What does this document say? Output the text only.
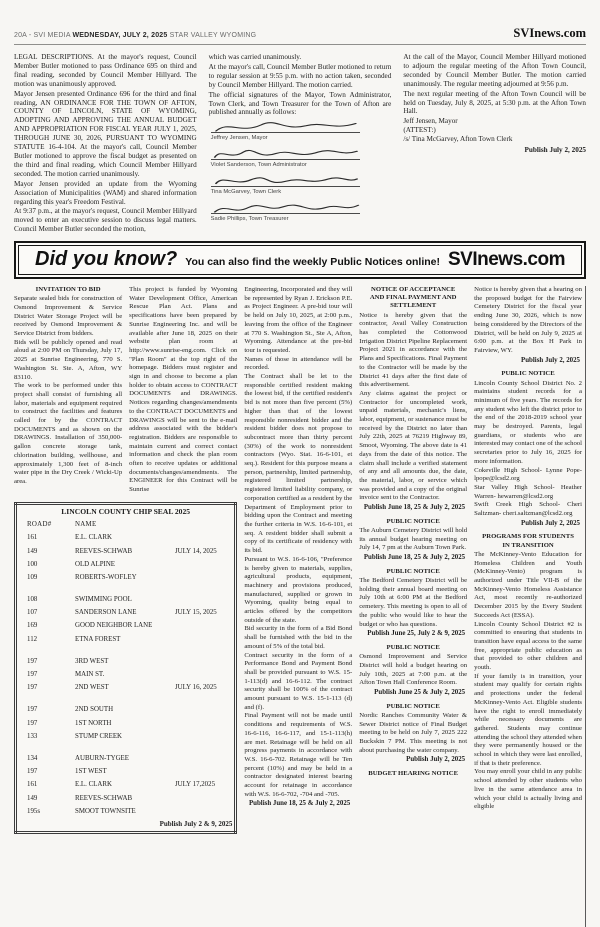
20A - SVI MEDIA WEDNESDAY, JULY 2, 2025 STAR VALLEY WYOMING	SVInews.com

LEGAL DESCRIPTIONS. At the mayor's request, Council Member Butler motioned to pass Ordinance 695 on third and final reading, seconded by Council Member Hillyard. The motion was unanimously approved.

Mayor Jensen presented Ordinance 696 for the third and final reading, AN ORDINANCE FOR THE TOWN OF AFTON, COUNTY OF LINCOLN, STATE OF WYOMING, ADOPTING AND APPROVING THE ANNUAL BUDGET AND APPROPRIATION FOR FISCAL YEAR JULY 1, 2025, THROUGH JUNE 30, 2026, PURSUANT TO WYOMING STATUTE 16-4-104. At the mayor's call, Council Member Butler motioned to approve the fiscal budget as presented on the third and final reading, which Council Member Hillyard seconded. The motion carried unanimously.

Mayor Jensen provided an update from the Wyoming Association of Municipalities (WAM) and shared information regarding this year's Freedom Festival.

At 9:37 p.m., at the mayor's request, Council Member Hillyard moved to enter an executive session to discuss legal matters. Council Member Butler seconded the motion,

which was carried unanimously.

At the mayor's call, Council Member Butler motioned to return to regular session at 9:55 p.m. with no action taken, seconded by Council Member Hillyard. The motion carried.

The official signatures of the Mayor, Town Administrator, Town Clerk, and Town Treasurer for the Town of Afton are published annually as follows:

Jeffrey Jensen, Mayor
Violet Sanderson, Town Administrator
Tina McGarvey, Town Clerk
Sadie Phillips, Town Treasurer

At the call of the Mayor, Council Member Hillyard motioned to adjourn the regular meeting of the Afton Town Council, seconded by Council Member Butler. The motion carried unanimously. The regular meeting adjourned at 9:56 p.m.

The next regular meeting of the Afton Town Council will be held on Tuesday, July 8, 2025, at 5:30 p.m. at the Afton Town Hall.

Jeff Jensen, Mayor

(ATTEST:)

/s/ Tina McGarvey, Afton Town Clerk

Publish July 2, 2025
Did you know? You can also find the weekly Public Notices online! SVInews.com
INVITATION TO BID

Separate sealed bids for construction of Osmond Improvement & Service District Water Storage Project will be received by Osmond Improvement & Service District from bidders.

Bids will be publicly opened and read aloud at 2:00 PM on Thursday, July 17, 2025 at Sunrise Engineering, 770 S. Washington St. Ste. A, Afton, WY 83110.

The work to be performed under this project shall consist of furnishing all labor, materials and equipment required to construct the facilities and features called for by the CONTRACT DOCUMENTS and as shown on the DRAWINGS. Installation of 350,000-gallon concrete storage tank, chlorination building, wellhouse, and approximately 1,300 feet of 8-inch water pipe in the Dry Creek / Wicki-Up area.

This project is funded by Wyoming Water Development Office, American Rescue Plan Act. Plans and specifications have been prepared by Sunrise Engineering Inc. and will be available after June 18, 2025 on their website plan room at http://www.sunrise-eng.com. Click on "Plan Room" at the top right of the homepage. Bidders must register and sign in and choose to become a plan holder to obtain access to CONTRACT DOCUMENTS and DRAWINGS. Notices regarding changes/amendments to the CONTRACT DOCUMENTS and DRAWINGS will be sent to the e-mail address associated with the bidder's registration. Bidders are responsible to maintain current and correct contact information and check the plan room often to receive updates or additional documents/changes/amendments. The ENGINEER for this Contract will be Sunrise

LINCOLN COUNTY CHIP SEAL 2025		
ROAD#	NAME	
161	E.L. CLARK	
149	REEVES-SCHWAB	JULY 14, 2025
100	OLD ALPINE	
109	ROBERTS-WOFLEY	

108	SWIMMING POOL	
107	SANDERSON LANE	JULY 15, 2025
169	GOOD NEIGHBOR LANE	
112	ETNA FOREST	

197	3RD WEST	
197	MAIN ST.	
197	2ND WEST	JULY 16, 2025

197	2ND SOUTH	
197	1ST NORTH	
133	STUMP CREEK	

134	AUBURN-TYGEE	
197	1ST WEST	
161	E.L. CLARK	JULY 17,2025
149	REEVES-SCHWAB	
195s	SMOOT TOWNSITE	
Publish July 2 & 9, 2025		

Engineering, Incorporated and they will be represented by Ryan J. Erickson P.E. as Project Engineer. A pre-bid tour will be held on July 10, 2025, at 2:00 p.m., leaving from the office of the Engineer at 770 S. Washington St., Ste A, Afton, Wyoming. Attendance at the pre-bid tour is requested.

Names of those in attendance will be recorded.

The Contract shall be let to the responsible certified resident making the lowest bid, if the certified resident's bid is not more than five percent (5%) higher than that of the lowest responsible nonresident bidder and the resident bidder does not propose to subcontract more than thirty percent (30%) of the work to nonresident contractors (Wyo. Stat. 16-6-101, et seq.). Resident for this purpose means a person, partnership, limited partnership, registered limited partnership, registered limited liability company, or corporation certified as a resident by the Department of Employment prior to bidding upon the Contract and meeting the further criteria in W.S. 16-6-101, et seq. A resident bidder shall submit a copy of its certificate of residency with its bid.

Pursuant to W.S. 16-6-106, "Preference is hereby given to materials, supplies, agricultural products, equipment, machinery and provisions produced, manufactured, supplied or grown in Wyoming, quality being equal to articles offered by the competitors outside of the state.

Bid security in the form of a Bid Bond shall be furnished with the bid in the amount of 5% of the total bid.

Contract security in the form of a Performance Bond and Payment Bond shall be provided pursuant to W.S. 15-1-113(d) and 16-6-112. The contract security shall be 100% of the contract amount pursuant to W.S. 15-1-113 (d) and (f).

Final Payment will not be made until conditions and requirements of W.S. 16-6-116, 16-6-117, and 15-1-113(h) are met. Retainage will be held on all progress payments in accordance with W.S. 16-6-702. Retainage will be Ten percent (10%) and may be held in a contractor designated interest bearing account for retainage in accordance with W.S. 16-6-702, -704 and -705.

Publish June 18, 25 & July 2, 2025
NOTICE OF ACCEPTANCE AND FINAL PAYMENT AND SETTLEMENT

Notice is hereby given that the contractor, Avail Valley Construction has completed the Cottonwood Irrigation District Pipeline Replacement Project 2021 in accordance with the Plans and Specifications. Final Payment to the Contractor will be made by the District 41 days after the first date of this advertisement.

Any claims against the project or Contractor for uncompleted work, unpaid materials, mechanic's liens, labor, equipment, or sustenance must be received by the District no later than July 22th, 2025 at 76219 Highway 89, Smoot, Wyoming. The above date is 41 days from the date of this notice. The claim shall include a verified statement of any and all amounts due, the date, the material, labor, or service which was provided and a copy of the original invoice sent to the Contractor.

Publish June 18, 25 & July 2, 2025
PUBLIC NOTICE

The Auburn Cemetery District will hold its annual budget hearing meeting on July 14, 7 pm at the Auburn Town Park.

Publish June 18, 25 & July 2, 2025
PUBLIC NOTICE

The Bedford Cemetery District will be holding their annual board meeting on July 10th at 6:00 PM at the Bedford cemetery. This meeting is open to all of the public who would like to hear the budget or who has questions.

Publish June 25, July 2 & 9, 2025
PUBLIC NOTICE

Osmond Improvement and Service District will hold a budget hearing on July 10th, 2025 at 7:00 p.m. at the Afton Town Hall Conference Room.

Publish June 25 & July 2, 2025
PUBLIC NOTICE

Nordic Ranches Community Water & Sewer District notice of Final Budget meeting to be held on July 7, 2025 222 Buckskin 7 PM. This meeting is not about purchasing the water company.

Publish July 2, 2025
BUDGET HEARING NOTICE

Notice is hereby given that a hearing on the proposed budget for the Fairview Cemetery District for the fiscal year ending June 30, 2026, which is now being considered by the Directors of the District, will be held on July 9, 2025 at 6:00 p.m. at the Box H Park in Fairview, WY.

Publish July 2, 2025
PUBLIC NOTICE

Lincoln County School District No. 2 maintains student records for a minimum of five years. The records for any student who left the district prior to the end of the 2018-2019 school year may be destroyed. Parents, legal guardians, or students who are interested may contact one of the school secretaries prior to July 16, 2025 for more information.

Cokeville High School- Lynne Pope- lpope@lcsd2.org

Star Valley High School- Heather Warren- hewarren@lcsd2.org

Swift Creek High School- Cheri Saltzman- cheri.saltzman@lcsd2.org

Publish July 2, 2025
PROGRAMS FOR STUDENTS IN TRANSITION

The McKinney-Vento Education for Homeless Children and Youth (McKinney-Vento) program is authorized under Title VII-B of the McKinney-Vento Homeless Assistance Act, most recently re-authorized December 2015 by the Every Student Succeeds Act (ESSA).

Lincoln County School District #2 is committed to ensuring that students in transition have equal access to the same free, appropriate public education as that provided to other children and youth.

If your family is in transition, your student may qualify for certain rights and protections under the federal McKinney-Vento Act. Eligible students have the right to enroll immediately while necessary documents are gathered. Students may continue attending the school they attended when they were permanently housed or the school in which they were last enrolled, if that is their preference.

You may enroll your child in any public school attended by other students who live in the same attendance area in which your child is actually living and eligible
